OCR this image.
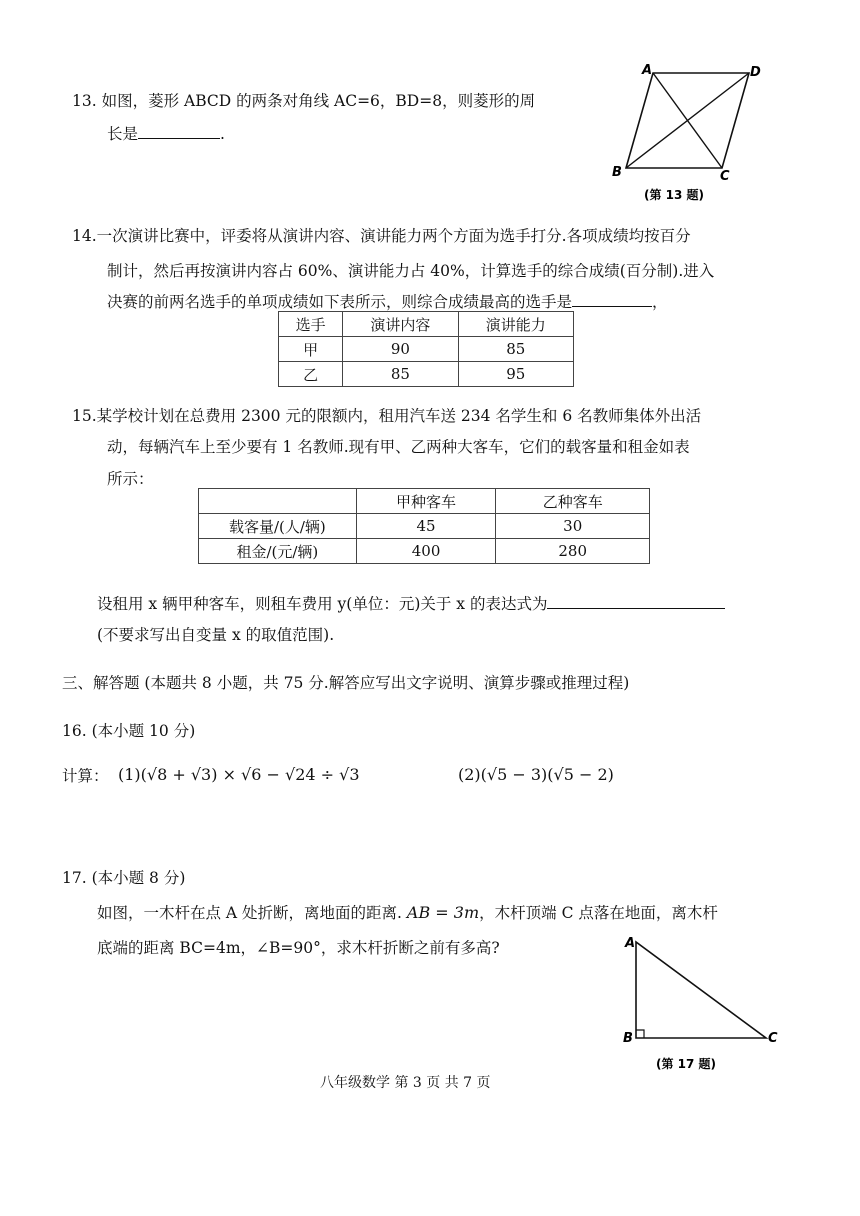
13. 如图，菱形 ABCD 的两条对角线 AC=6，BD=8，则菱形的周
长是	.
A	D
B	C
(第 13 题)
14.一次演讲比赛中，评委将从演讲内容、演讲能力两个方面为选手打分.各项成绩均按百分
制计，然后再按演讲内容占 60%、演讲能力占 40%，计算选手的综合成绩(百分制).进入
决赛的前两名选手的单项成绩如下表所示，则综合成绩最高的选手是	，
选手	演讲内容	演讲能力
甲	90	85
乙	85	95
15.某学校计划在总费用 2300 元的限额内，租用汽车送 234 名学生和 6 名教师集体外出活
动，每辆汽车上至少要有 1 名教师.现有甲、乙两种大客车，它们的载客量和租金如表
所示：
	甲种客车	乙种客车
载客量/(人/辆)	45	30
租金/(元/辆)	400	280
设租用 x 辆甲种客车，则租车费用 y(单位：元)关于 x 的表达式为
(不要求写出自变量 x 的取值范围).
三、解答题 (本题共 8 小题，共 75 分.解答应写出文字说明、演算步骤或推理过程)
16. (本小题 10 分)
计算： (1)(√8 + √3) × √6 − √24 ÷ √3	(2)(√5 − 3)(√5 − 2)
17. (本小题 8 分)
如图，一木杆在点 A 处折断，离地面的距离. AB = 3m，木杆顶端 C 点落在地面，离木杆
底端的距离 BC=4m，∠B=90°，求木杆折断之前有多高?	A
B	C
(第 17 题)
八年级数学 第 3 页 共 7 页
